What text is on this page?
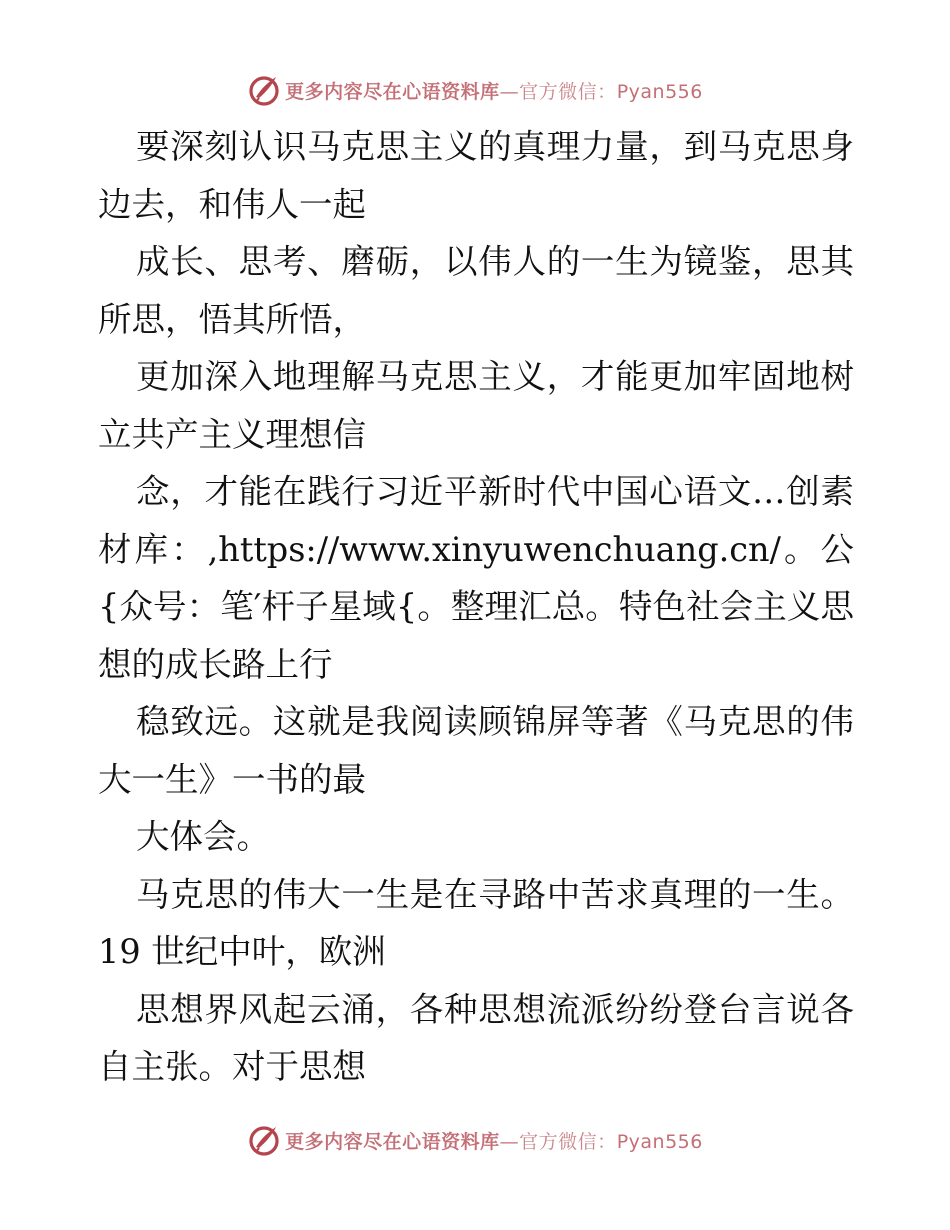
更多内容尽在心语资料库—官方微信：Pyan556

要深刻认识马克思主义的真理力量，到马克思身边去，和伟人一起

成长、思考、磨砺，以伟人的一生为镜鉴，思其所思，悟其所悟，

更加深入地理解马克思主义，才能更加牢固地树立共产主义理想信

念，才能在践行习近平新时代中国心语文…创素材库：,https://www.xinyuwenchuang.cn/。公{众号：笔′杆子星域{。整理汇总。特色社会主义思想的成长路上行

稳致远。这就是我阅读顾锦屏等著《马克思的伟大一生》一书的最

大体会。

马克思的伟大一生是在寻路中苦求真理的一生。19 世纪中叶，欧洲

思想界风起云涌，各种思想流派纷纷登台言说各自主张。对于思想

更多内容尽在心语资料库—官方微信：Pyan556
